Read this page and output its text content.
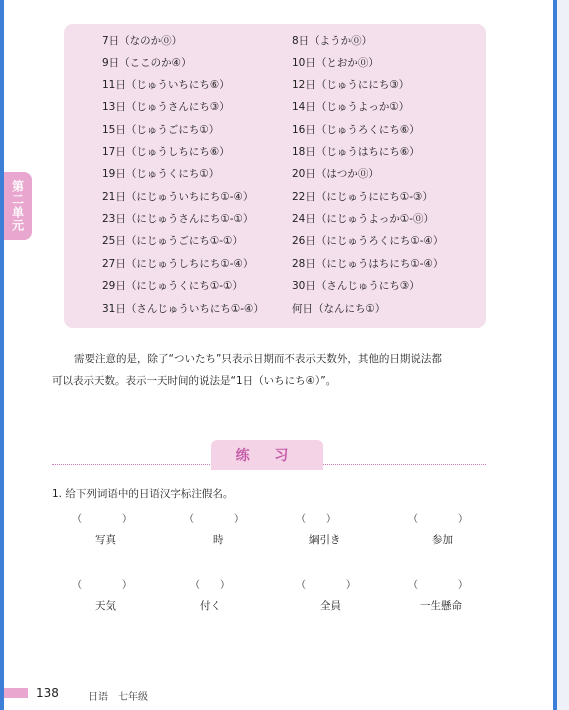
第二单元
7日（なのか⓪）	8日（ようか⓪）
9日（ここのか④）	10日（とおか⓪）
11日（じゅういちにち⑥）	12日（じゅうににち③）
13日（じゅうさんにち③）	14日（じゅうよっか①）
15日（じゅうごにち①）	16日（じゅうろくにち⑥）
17日（じゅうしちにち⑥）	18日（じゅうはちにち⑥）
19日（じゅうくにち①）	20日（はつか⓪）
21日（にじゅういちにち①-④）	22日（にじゅうににち①-③）
23日（にじゅうさんにち①-①）	24日（にじゅうよっか①-⓪）
25日（にじゅうごにち①-①）	26日（にじゅうろくにち①-④）
27日（にじゅうしちにち①-④）	28日（にじゅうはちにち①-④）
29日（にじゅうくにち①-①）	30日（さんじゅうにち③）
31日（さんじゅういちにち①-④）	何日（なんにち①）
需要注意的是，除了“ついたち”只表示日期而不表示天数外，其他的日期说法都
可以表示天数。表示一天时间的说法是“1日（いちにち④）”。
练 习
1. 给下列词语中的日语汉字标注假名。
（　　　　）	（　　　　）	（　　）	（　　　　）
写真	時	綱引き	参加
（　　　　）	（　　）	（　　　　）	（　　　　）
天気	付く	全員	一生懸命
138	日语　七年级
